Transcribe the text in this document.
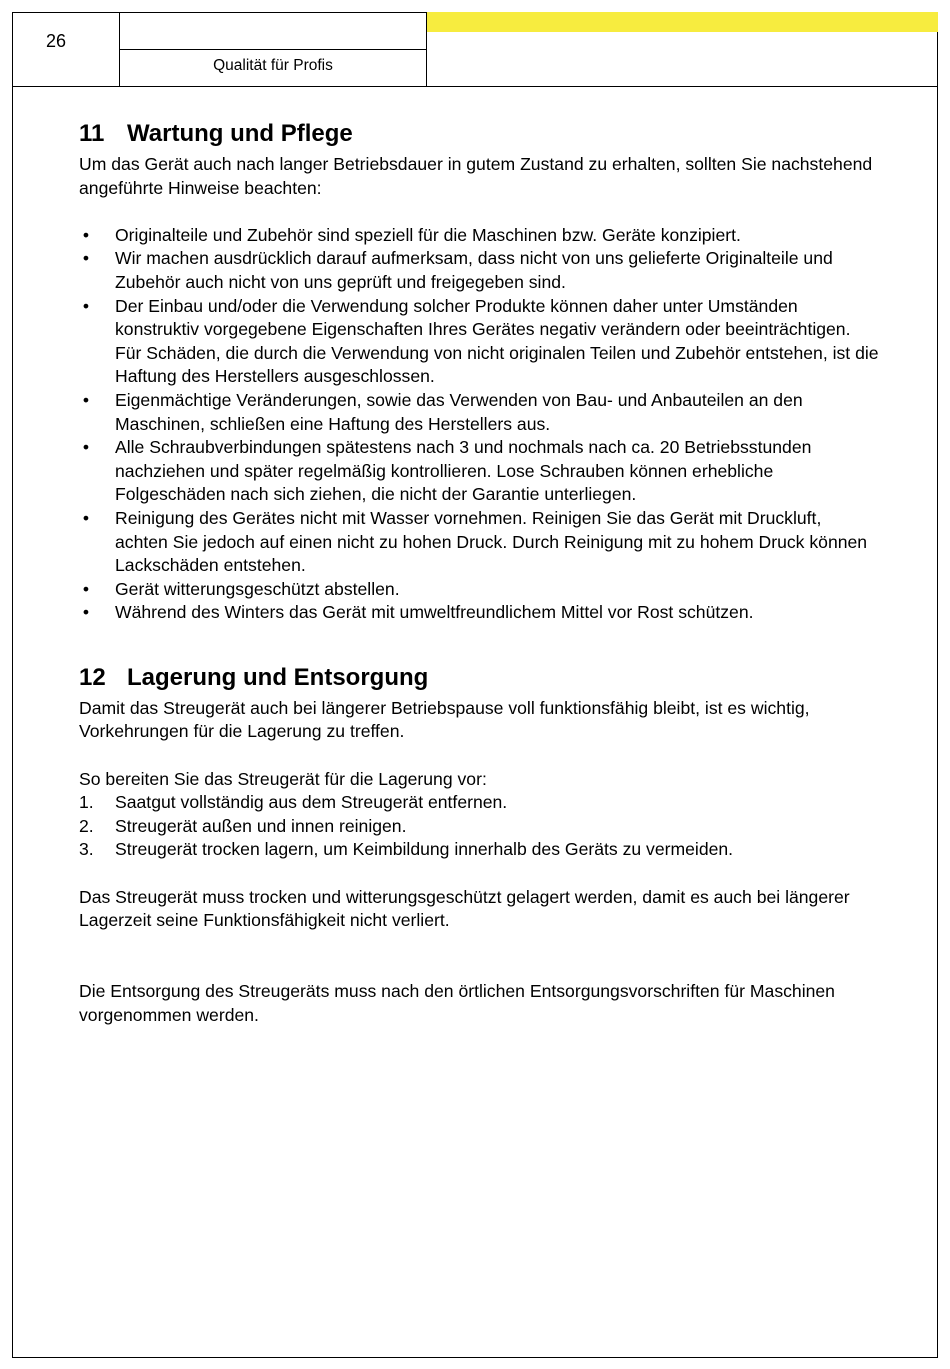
26
Qualität für Profis
11 Wartung und Pflege

Um das Gerät auch nach langer Betriebsdauer in gutem Zustand zu erhalten, sollten Sie nachstehend angeführte Hinweise beachten:

• Originalteile und Zubehör sind speziell für die Maschinen bzw. Geräte konzipiert.
• Wir machen ausdrücklich darauf aufmerksam, dass nicht von uns gelieferte Originalteile und Zubehör auch nicht von uns geprüft und freigegeben sind.
• Der Einbau und/oder die Verwendung solcher Produkte können daher unter Umständen konstruktiv vorgegebene Eigenschaften Ihres Gerätes negativ verändern oder beeinträchtigen. Für Schäden, die durch die Verwendung von nicht originalen Teilen und Zubehör entstehen, ist die Haftung des Herstellers ausgeschlossen.
• Eigenmächtige Veränderungen, sowie das Verwenden von Bau- und Anbauteilen an den Maschinen, schließen eine Haftung des Herstellers aus.
• Alle Schraubverbindungen spätestens nach 3 und nochmals nach ca. 20 Betriebsstunden nachziehen und später regelmäßig kontrollieren. Lose Schrauben können erhebliche Folgeschäden nach sich ziehen, die nicht der Garantie unterliegen.
• Reinigung des Gerätes nicht mit Wasser vornehmen. Reinigen Sie das Gerät mit Druckluft, achten Sie jedoch auf einen nicht zu hohen Druck. Durch Reinigung mit zu hohem Druck können Lackschäden entstehen.
• Gerät witterungsgeschützt abstellen.
• Während des Winters das Gerät mit umweltfreundlichem Mittel vor Rost schützen.
12 Lagerung und Entsorgung

Damit das Streugerät auch bei längerer Betriebspause voll funktionsfähig bleibt, ist es wichtig, Vorkehrungen für die Lagerung zu treffen.

So bereiten Sie das Streugerät für die Lagerung vor:

1. Saatgut vollständig aus dem Streugerät entfernen.
2. Streugerät außen und innen reinigen.
3. Streugerät trocken lagern, um Keimbildung innerhalb des Geräts zu vermeiden.

Das Streugerät muss trocken und witterungsgeschützt gelagert werden, damit es auch bei längerer Lagerzeit seine Funktionsfähigkeit nicht verliert.

Die Entsorgung des Streugeräts muss nach den örtlichen Entsorgungsvorschriften für Maschinen vorgenommen werden.
